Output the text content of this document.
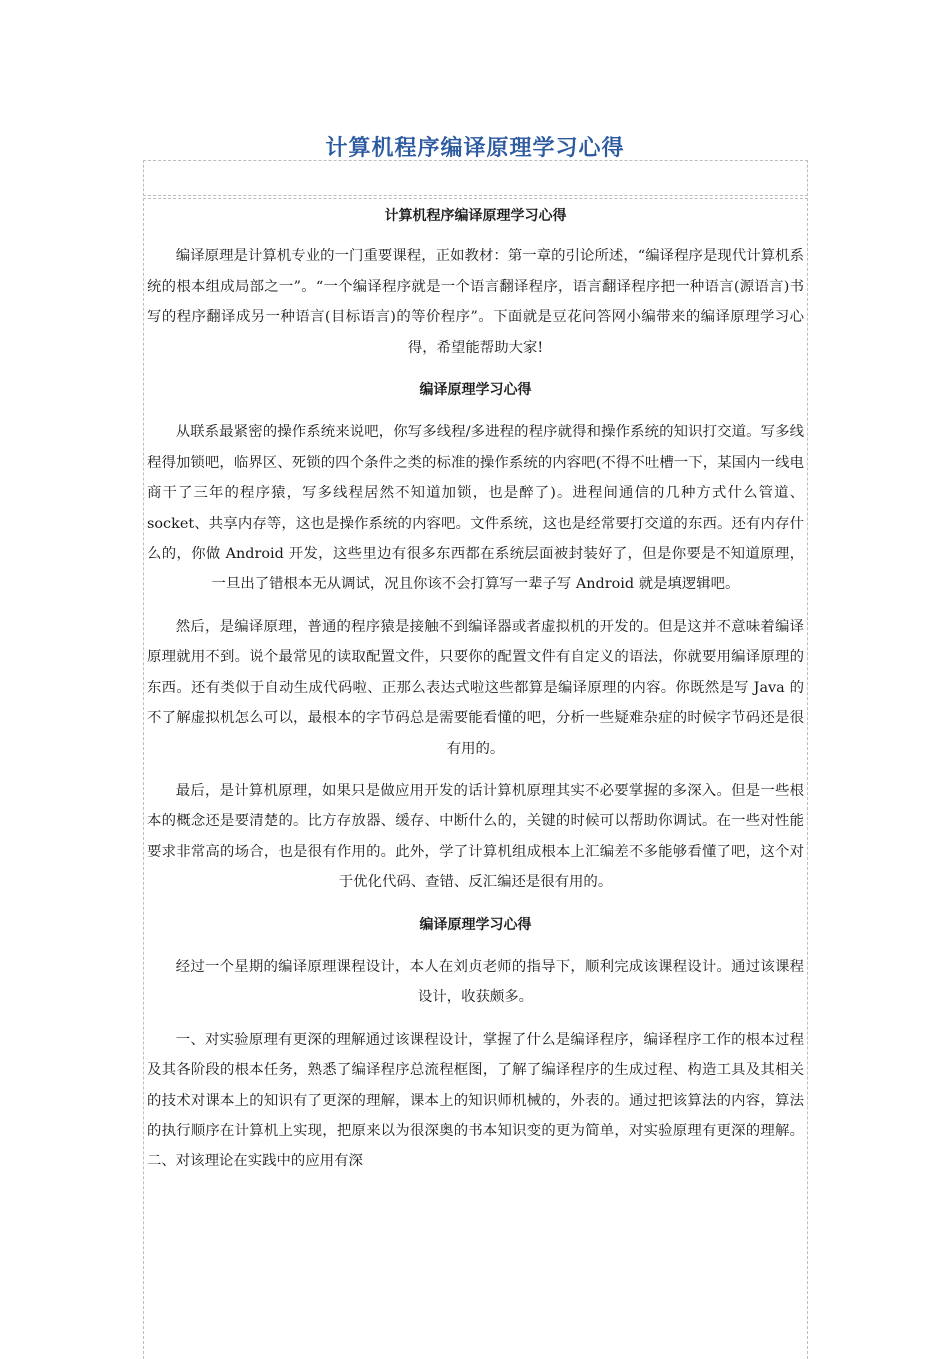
计算机程序编译原理学习心得

计算机程序编译原理学习心得

编译原理是计算机专业的一门重要课程，正如教材：第一章的引论所述，“编译程序是现代计算机系统的根本组成局部之一”。“一个编译程序就是一个语言翻译程序，语言翻译程序把一种语言(源语言)书写的程序翻译成另一种语言(目标语言)的等价程序”。下面就是豆花问答网小编带来的编译原理学习心得，希望能帮助大家!

编译原理学习心得

从联系最紧密的操作系统来说吧，你写多线程/多进程的程序就得和操作系统的知识打交道。写多线程得加锁吧，临界区、死锁的四个条件之类的标准的操作系统的内容吧(不得不吐槽一下，某国内一线电商干了三年的程序猿，写多线程居然不知道加锁，也是醉了)。进程间通信的几种方式什么管道、socket、共享内存等，这也是操作系统的内容吧。文件系统，这也是经常要打交道的东西。还有内存什么的，你做 Android 开发，这些里边有很多东西都在系统层面被封装好了，但是你要是不知道原理，一旦出了错根本无从调试，况且你该不会打算写一辈子写 Android 就是填逻辑吧。

然后，是编译原理，普通的程序猿是接触不到编译器或者虚拟机的开发的。但是这并不意味着编译原理就用不到。说个最常见的读取配置文件，只要你的配置文件有自定义的语法，你就要用编译原理的东西。还有类似于自动生成代码啦、正那么表达式啦这些都算是编译原理的内容。你既然是写 Java 的不了解虚拟机怎么可以，最根本的字节码总是需要能看懂的吧，分析一些疑难杂症的时候字节码还是很有用的。

最后，是计算机原理，如果只是做应用开发的话计算机原理其实不必要掌握的多深入。但是一些根本的概念还是要清楚的。比方存放器、缓存、中断什么的，关键的时候可以帮助你调试。在一些对性能要求非常高的场合，也是很有作用的。此外，学了计算机组成根本上汇编差不多能够看懂了吧，这个对于优化代码、查错、反汇编还是很有用的。

编译原理学习心得

经过一个星期的编译原理课程设计，本人在刘贞老师的指导下，顺利完成该课程设计。通过该课程设计，收获颇多。

一、对实验原理有更深的理解通过该课程设计，掌握了什么是编译程序，编译程序工作的根本过程及其各阶段的根本任务，熟悉了编译程序总流程框图，了解了编译程序的生成过程、构造工具及其相关的技术对课本上的知识有了更深的理解，课本上的知识师机械的，外表的。通过把该算法的内容，算法的执行顺序在计算机上实现，把原来以为很深奥的书本知识变的更为简单，对实验原理有更深的理解。二、对该理论在实践中的应用有深
